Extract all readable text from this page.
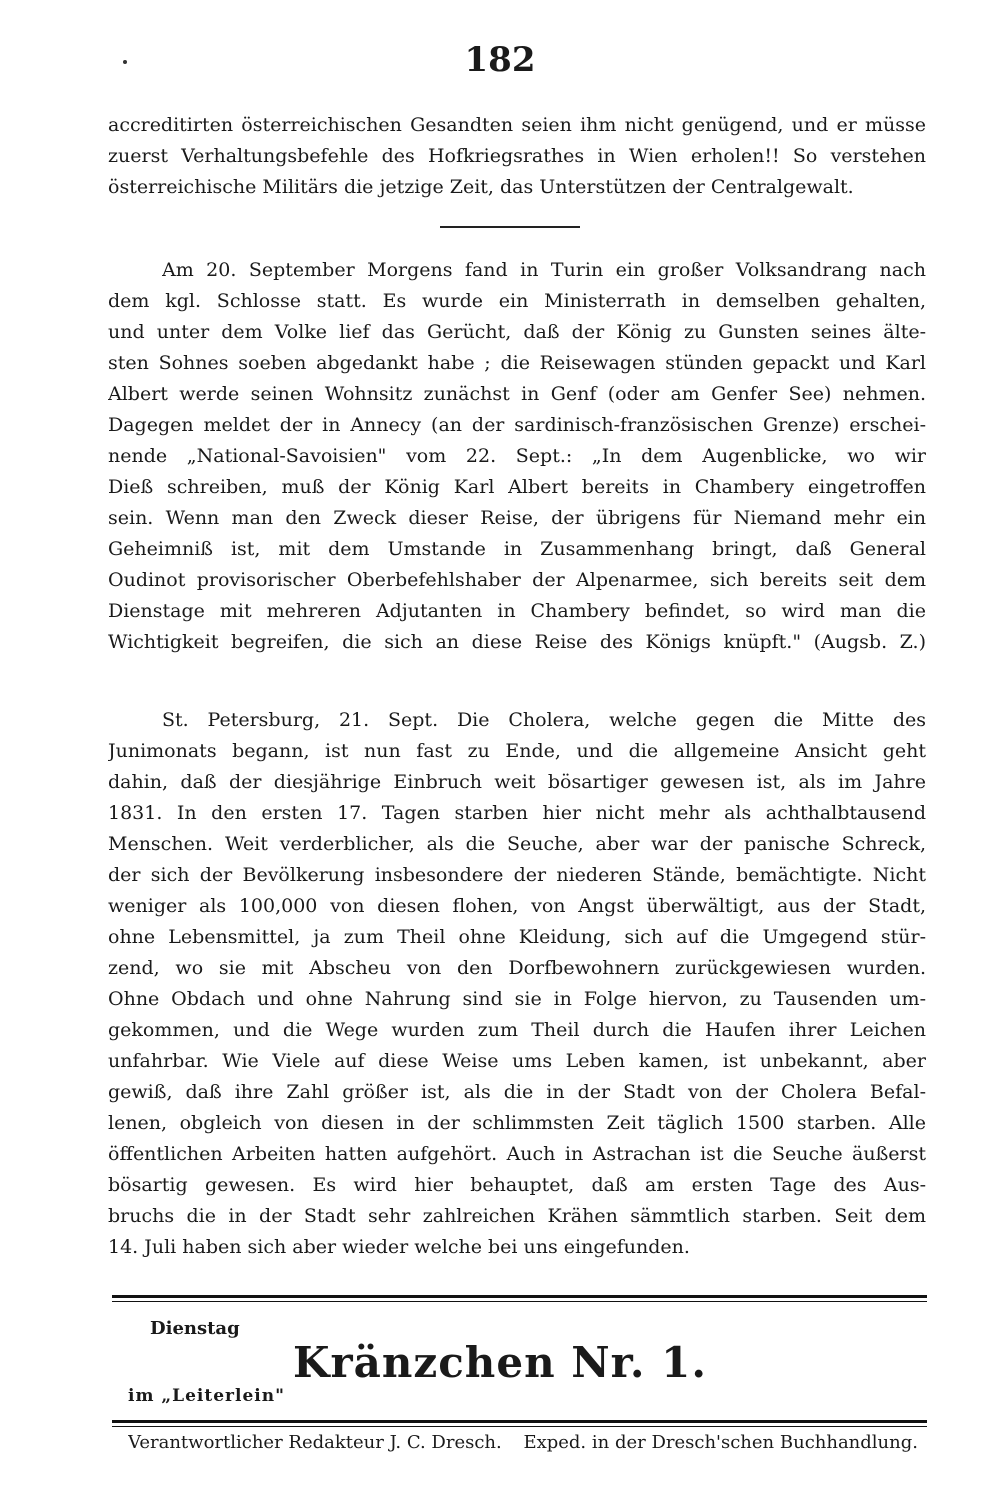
182
accreditirten österreichischen Gesandten seien ihm nicht genügend, und er müsse
zuerst Verhaltungsbefehle des Hofkriegsrathes in Wien erholen!! So verstehen
österreichische Militärs die jetzige Zeit, das Unterstützen der Centralgewalt.
Am 20. September Morgens fand in Turin ein großer Volksandrang nach
dem kgl. Schlosse statt. Es wurde ein Ministerrath in demselben gehalten,
und unter dem Volke lief das Gerücht, daß der König zu Gunsten seines älte-
sten Sohnes soeben abgedankt habe ; die Reisewagen stünden gepackt und Karl
Albert werde seinen Wohnsitz zunächst in Genf (oder am Genfer See) nehmen.
Dagegen meldet der in Annecy (an der sardinisch-französischen Grenze) erschei-
nende „National-Savoisien" vom 22. Sept.: „In dem Augenblicke, wo wir
Dieß schreiben, muß der König Karl Albert bereits in Chambery eingetroffen
sein. Wenn man den Zweck dieser Reise, der übrigens für Niemand mehr ein
Geheimniß ist, mit dem Umstande in Zusammenhang bringt, daß General
Oudinot provisorischer Oberbefehlshaber der Alpenarmee, sich bereits seit dem
Dienstage mit mehreren Adjutanten in Chambery befindet, so wird man die
Wichtigkeit begreifen, die sich an diese Reise des Königs knüpft." (Augsb. Z.)
St. Petersburg, 21. Sept. Die Cholera, welche gegen die Mitte des
Junimonats begann, ist nun fast zu Ende, und die allgemeine Ansicht geht
dahin, daß der diesjährige Einbruch weit bösartiger gewesen ist, als im Jahre
1831. In den ersten 17. Tagen starben hier nicht mehr als achthalbtausend
Menschen. Weit verderblicher, als die Seuche, aber war der panische Schreck,
der sich der Bevölkerung insbesondere der niederen Stände, bemächtigte. Nicht
weniger als 100,000 von diesen flohen, von Angst überwältigt, aus der Stadt,
ohne Lebensmittel, ja zum Theil ohne Kleidung, sich auf die Umgegend stür-
zend, wo sie mit Abscheu von den Dorfbewohnern zurückgewiesen wurden.
Ohne Obdach und ohne Nahrung sind sie in Folge hiervon, zu Tausenden um-
gekommen, und die Wege wurden zum Theil durch die Haufen ihrer Leichen
unfahrbar. Wie Viele auf diese Weise ums Leben kamen, ist unbekannt, aber
gewiß, daß ihre Zahl größer ist, als die in der Stadt von der Cholera Befal-
lenen, obgleich von diesen in der schlimmsten Zeit täglich 1500 starben. Alle
öffentlichen Arbeiten hatten aufgehört. Auch in Astrachan ist die Seuche äußerst
bösartig gewesen. Es wird hier behauptet, daß am ersten Tage des Aus-
bruchs die in der Stadt sehr zahlreichen Krähen sämmtlich starben. Seit dem
14. Juli haben sich aber wieder welche bei uns eingefunden.
Dienstag
Kränzchen Nr. 1.
im „Leiterlein"
Verantwortlicher Redakteur J. C. Dresch. Exped. in der Dresch'schen Buchhandlung.
